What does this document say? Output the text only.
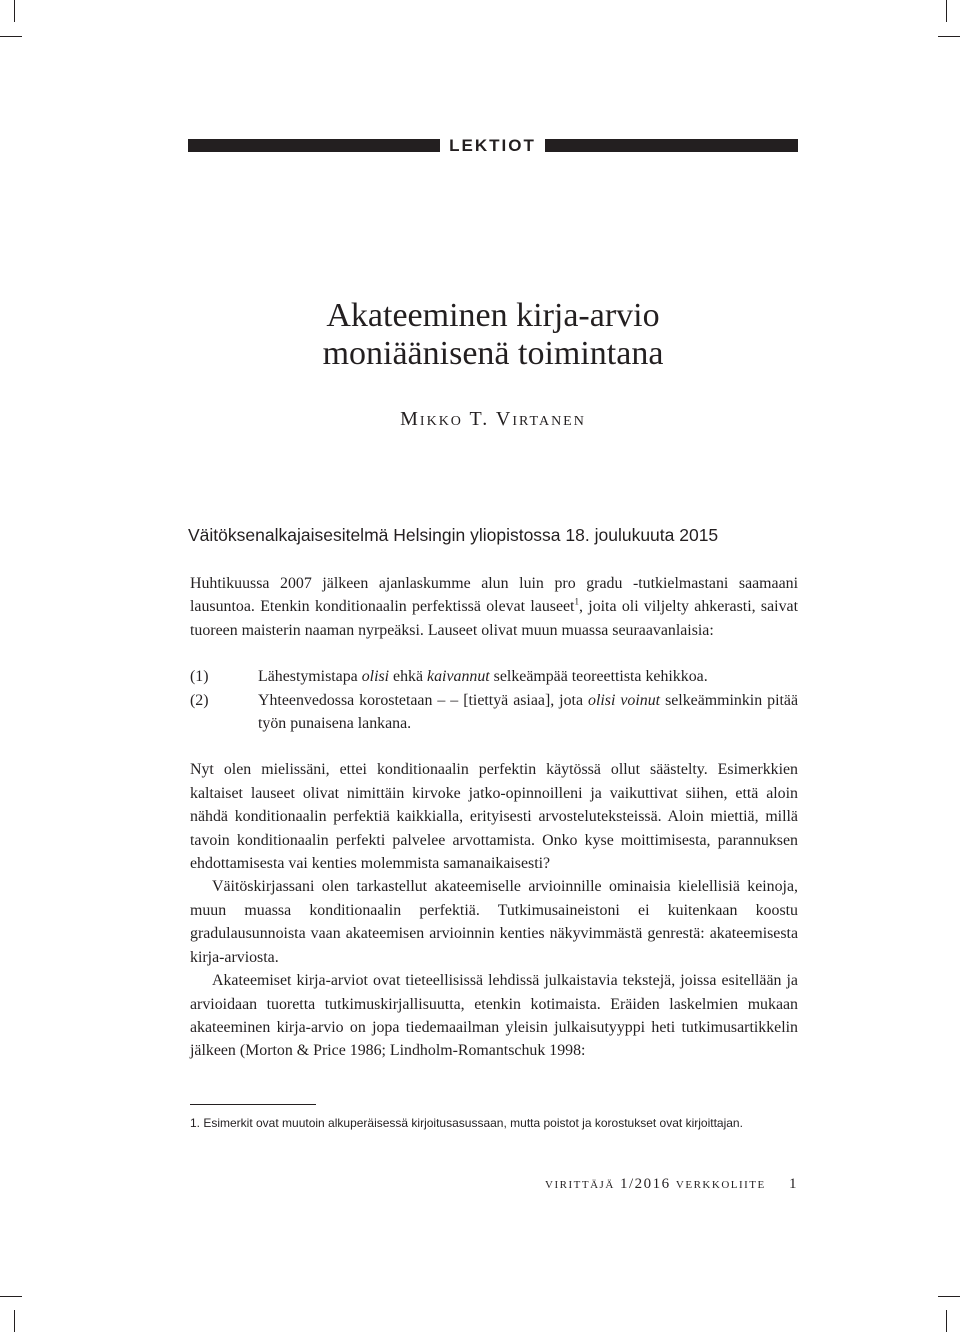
LEKTIOT
Akateeminen kirja-arvio
moniäänisenä toimintana
Mikko T. Virtanen
Väitöksenalkajaisesitelmä Helsingin yliopistossa 18. joulukuuta 2015

Huhtikuussa 2007 jälkeen ajanlaskumme alun luin pro gradu -tutkielmastani saamaani lausuntoa. Etenkin konditionaalin perfektissä olevat lauseet$^1$, joita oli viljelty ahkerasti, saivat tuoreen maisterin naaman nyrpeäksi. Lauseet olivat muun muassa seuraavanlaisia:

(1)	Lähestymistapa olisi ehkä kaivannut selkeämpää teoreettista kehikkoa.
(2)	Yhteenvedossa korostetaan – – [tiettyä asiaa], jota olisi voinut selkeämminkin pitää työn punaisena lankana.

Nyt olen mielissäni, ettei konditionaalin perfektin käytössä ollut säästelty. Esimerkkien kaltaiset lauseet olivat nimittäin kirvoke jatko-opinnoilleni ja vaikuttivat siihen, että aloin nähdä konditionaalin perfektiä kaikkialla, erityisesti arvosteluteksteissä. Aloin miettiä, millä tavoin konditionaalin perfekti palvelee arvottamista. Onko kyse moittimisesta, parannuksen ehdottamisesta vai kenties molemmista samanaikaisesti?

Väitöskirjassani olen tarkastellut akateemiselle arvioinnille ominaisia kielellisiä keinoja, muun muassa konditionaalin perfektiä. Tutkimusaineistoni ei kuitenkaan koostu gradulausunnoista vaan akateemisen arvioinnin kenties näkyvimmästä genrestä: akateemisesta kirja-arviosta.

Akateemiset kirja-arviot ovat tieteellisissä lehdissä julkaistavia tekstejä, joissa esitellään ja arvioidaan tuoretta tutkimuskirjallisuutta, etenkin kotimaista. Eräiden laskelmien mukaan akateeminen kirja-arvio on jopa tiedemaailman yleisin julkaisutyyppi heti tutkimusartikkelin jälkeen (Morton & Price 1986; Lindholm-Romantschuk 1998:

1. Esimerkit ovat muutoin alkuperäisessä kirjoitusasussaan, mutta poistot ja korostukset ovat kirjoittajan.
virittäjä 1/2016 verkkoliite 1
